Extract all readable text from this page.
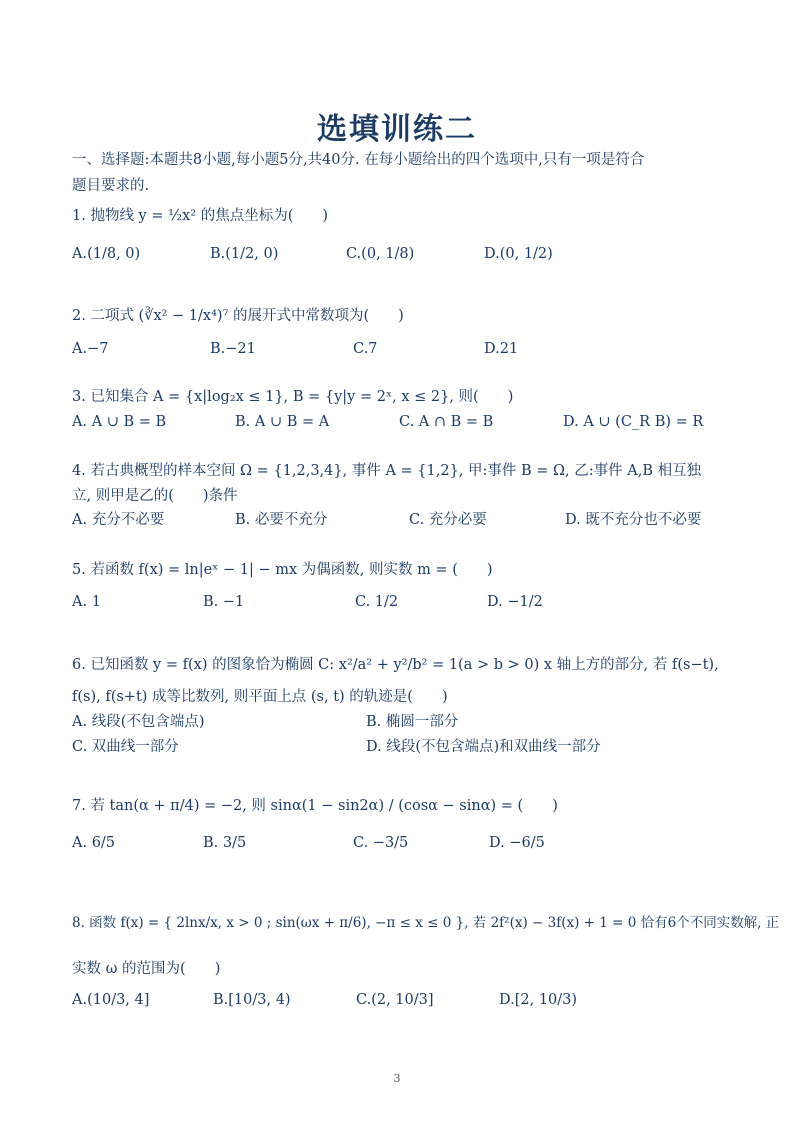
选填训练二
一、选择题:本题共8小题,每小题5分,共40分. 在每小题给出的四个选项中,只有一项是符合
题目要求的.
1. 抛物线 y = ½x² 的焦点坐标为(　　)
A.(1/8, 0)	B.(1/2, 0)	C.(0, 1/8)	D.(0, 1/2)
2. 二项式 (∛x² − 1/x⁴)⁷ 的展开式中常数项为(　　)
A.−7	B.−21	C.7	D.21
3. 已知集合 A = {x|log₂x ≤ 1}, B = {y|y = 2ˣ, x ≤ 2}, 则(　　)
A. A ∪ B = B	B. A ∪ B = A	C. A ∩ B = B	D. A ∪ (C_R B) = R
4. 若古典概型的样本空间 Ω = {1,2,3,4}, 事件 A = {1,2}, 甲:事件 B = Ω, 乙:事件 A,B 相互独
立, 则甲是乙的(　　)条件
A. 充分不必要	B. 必要不充分	C. 充分必要	D. 既不充分也不必要
5. 若函数 f(x) = ln|eˣ − 1| − mx 为偶函数, 则实数 m = (　　)
A. 1	B. −1	C. 1/2	D. −1/2
6. 已知函数 y = f(x) 的图象恰为椭圆 C: x²/a² + y²/b² = 1(a > b > 0) x 轴上方的部分, 若 f(s−t),
f(s), f(s+t) 成等比数列, 则平面上点 (s, t) 的轨迹是(　　)
A. 线段(不包含端点)	B. 椭圆一部分
C. 双曲线一部分	D. 线段(不包含端点)和双曲线一部分
7. 若 tan(α + π/4) = −2, 则 sinα(1 − sin2α) / (cosα − sinα) = (　　)
A. 6/5	B. 3/5	C. −3/5	D. −6/5
8. 函数 f(x) = { 2lnx/x, x > 0 ; sin(ωx + π/6), −π ≤ x ≤ 0 }, 若 2f²(x) − 3f(x) + 1 = 0 恰有6个不同实数解, 正
实数 ω 的范围为(　　)
A.(10/3, 4]	B.[10/3, 4)	C.(2, 10/3]	D.[2, 10/3)
3
